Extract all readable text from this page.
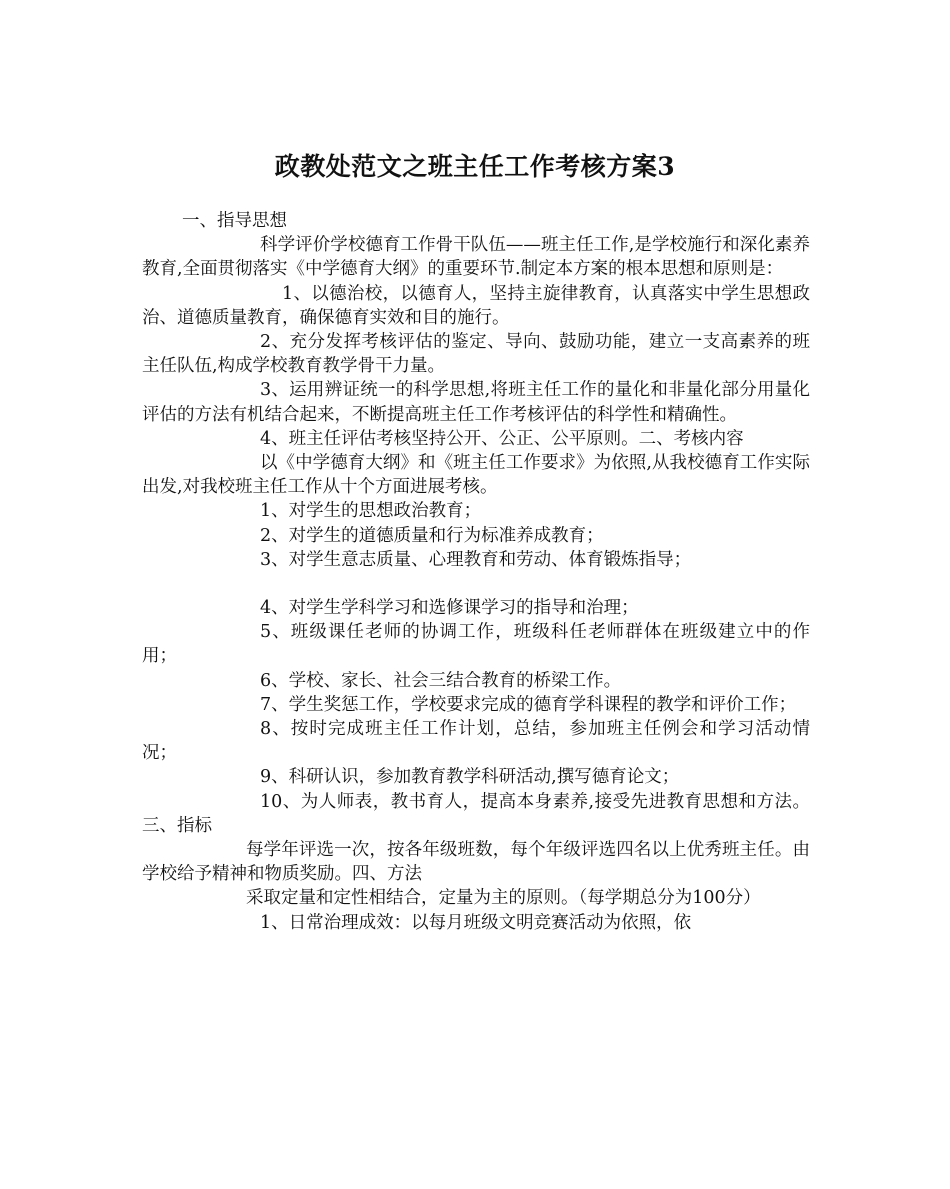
政教处范文之班主任工作考核方案3

一、指导思想

科学评价学校德育工作骨干队伍——班主任工作,是学校施行和深化素养教育,全面贯彻落实《中学德育大纲》的重要环节.制定本方案的根本思想和原则是：

1、以德治校，以德育人，坚持主旋律教育，认真落实中学生思想政治、道德质量教育，确保德育实效和目的施行。

2、充分发挥考核评估的鉴定、导向、鼓励功能，建立一支高素养的班主任队伍,构成学校教育教学骨干力量。

3、运用辨证统一的科学思想,将班主任工作的量化和非量化部分用量化评估的方法有机结合起来，不断提高班主任工作考核评估的科学性和精确性。

4、班主任评估考核坚持公开、公正、公平原则。二、考核内容

以《中学德育大纲》和《班主任工作要求》为依照,从我校德育工作实际出发,对我校班主任工作从十个方面进展考核。

1、对学生的思想政治教育；

2、对学生的道德质量和行为标准养成教育；

3、对学生意志质量、心理教育和劳动、体育锻炼指导；

4、对学生学科学习和选修课学习的指导和治理；

5、班级课任老师的协调工作，班级科任老师群体在班级建立中的作用；

6、学校、家长、社会三结合教育的桥梁工作。

7、学生奖惩工作，学校要求完成的德育学科课程的教学和评价工作；

8、按时完成班主任工作计划，总结，参加班主任例会和学习活动情况；

9、科研认识，参加教育教学科研活动,撰写德育论文；

10、为人师表，教书育人，提高本身素养,接受先进教育思想和方法。三、指标

每学年评选一次，按各年级班数，每个年级评选四名以上优秀班主任。由学校给予精神和物质奖励。四、方法

采取定量和定性相结合，定量为主的原则。（每学期总分为100分）

1、日常治理成效：以每月班级文明竞赛活动为依照，依
